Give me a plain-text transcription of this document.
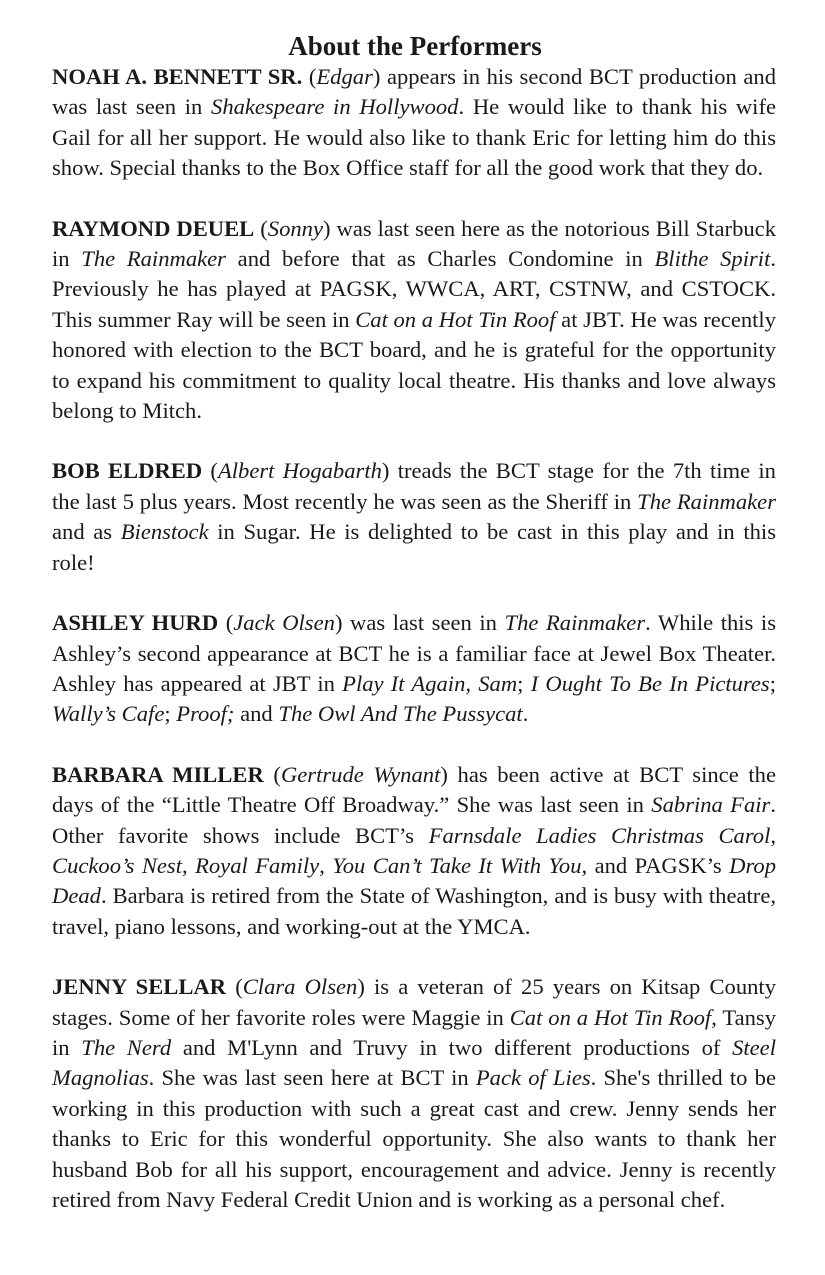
About the Performers

NOAH A. BENNETT SR. (Edgar) appears in his second BCT production and was last seen in Shakespeare in Hollywood. He would like to thank his wife Gail for all her support. He would also like to thank Eric for letting him do this show. Special thanks to the Box Office staff for all the good work that they do.

RAYMOND DEUEL (Sonny) was last seen here as the notorious Bill Starbuck in The Rainmaker and before that as Charles Condomine in Blithe Spirit. Previously he has played at PAGSK, WWCA, ART, CSTNW, and CSTOCK. This summer Ray will be seen in Cat on a Hot Tin Roof at JBT. He was recently honored with election to the BCT board, and he is grateful for the opportunity to expand his commitment to quality local theatre. His thanks and love always belong to Mitch.

BOB ELDRED (Albert Hogabarth) treads the BCT stage for the 7th time in the last 5 plus years. Most recently he was seen as the Sheriff in The Rainmaker and as Bienstock in Sugar. He is delighted to be cast in this play and in this role!

ASHLEY HURD (Jack Olsen) was last seen in The Rainmaker. While this is Ashley’s second appearance at BCT he is a familiar face at Jewel Box Theater. Ashley has appeared at JBT in Play It Again, Sam; I Ought To Be In Pictures; Wally’s Cafe; Proof; and The Owl And The Pussycat.

BARBARA MILLER (Gertrude Wynant) has been active at BCT since the days of the “Little Theatre Off Broadway.” She was last seen in Sabrina Fair. Other favorite shows include BCT’s Farnsdale Ladies Christmas Carol, Cuckoo’s Nest, Royal Family, You Can’t Take It With You, and PAGSK’s Drop Dead. Barbara is retired from the State of Washington, and is busy with theatre, travel, piano lessons, and working-out at the YMCA.

JENNY SELLAR (Clara Olsen) is a veteran of 25 years on Kitsap County stages. Some of her favorite roles were Maggie in Cat on a Hot Tin Roof, Tansy in The Nerd and M'Lynn and Truvy in two different productions of Steel Magnolias. She was last seen here at BCT in Pack of Lies. She's thrilled to be working in this production with such a great cast and crew. Jenny sends her thanks to Eric for this wonderful opportunity. She also wants to thank her husband Bob for all his support, encouragement and advice. Jenny is recently retired from Navy Federal Credit Union and is working as a personal chef.
